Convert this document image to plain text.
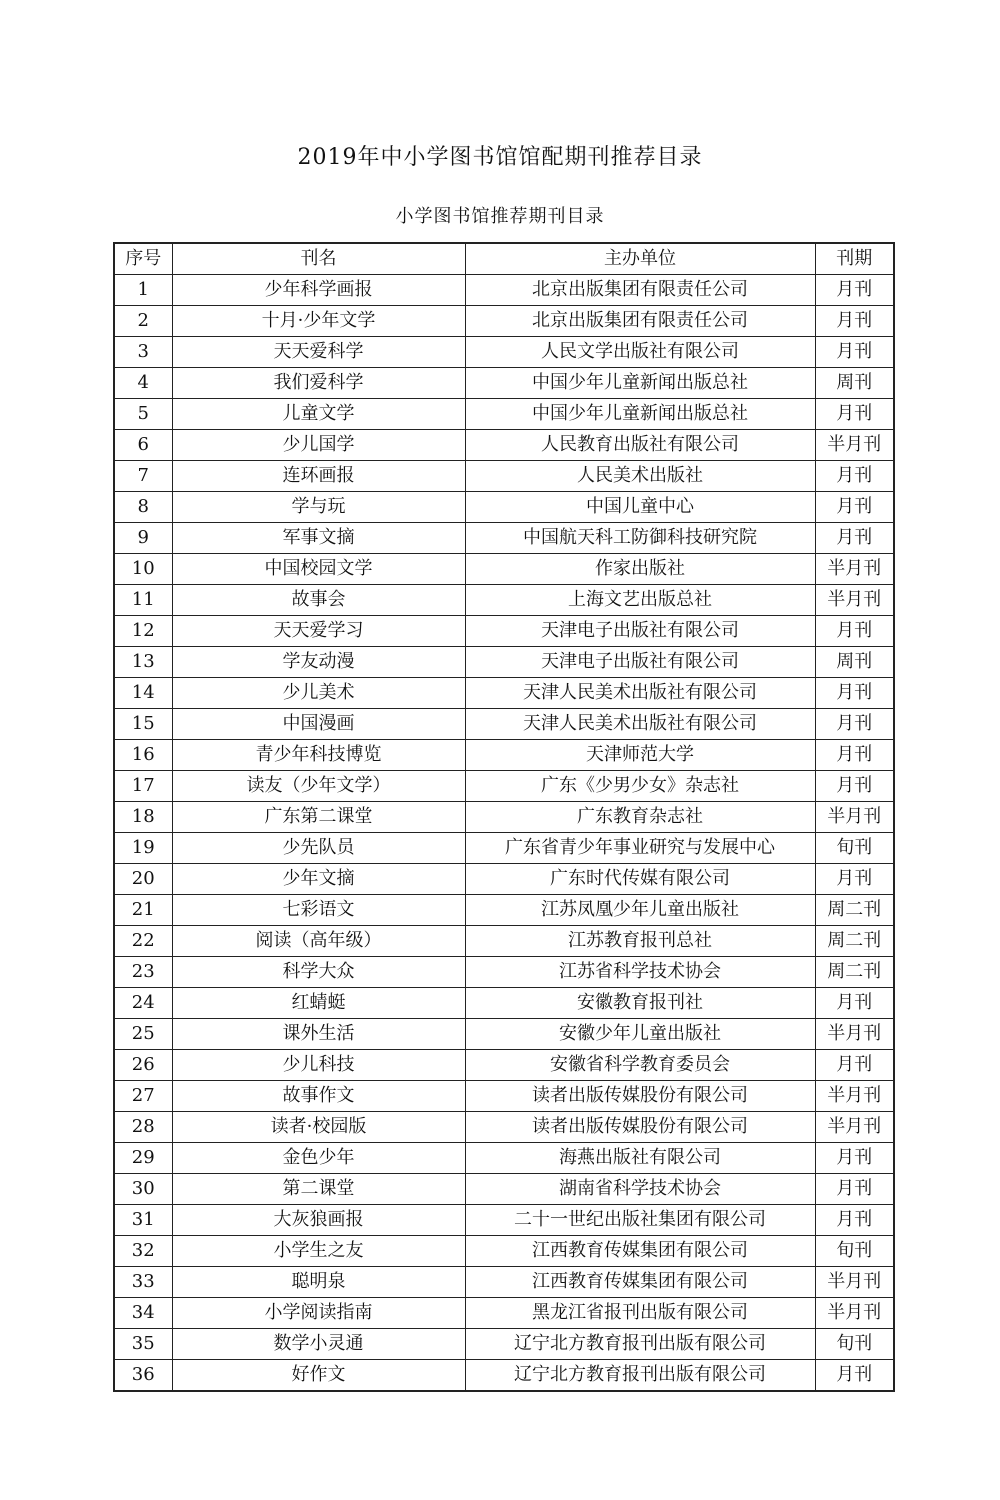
2019年中小学图书馆馆配期刊推荐目录
小学图书馆推荐期刊目录
序号	刊名	主办单位	刊期
1	少年科学画报	北京出版集团有限责任公司	月刊
2	十月·少年文学	北京出版集团有限责任公司	月刊
3	天天爱科学	人民文学出版社有限公司	月刊
4	我们爱科学	中国少年儿童新闻出版总社	周刊
5	儿童文学	中国少年儿童新闻出版总社	月刊
6	少儿国学	人民教育出版社有限公司	半月刊
7	连环画报	人民美术出版社	月刊
8	学与玩	中国儿童中心	月刊
9	军事文摘	中国航天科工防御科技研究院	月刊
10	中国校园文学	作家出版社	半月刊
11	故事会	上海文艺出版总社	半月刊
12	天天爱学习	天津电子出版社有限公司	月刊
13	学友动漫	天津电子出版社有限公司	周刊
14	少儿美术	天津人民美术出版社有限公司	月刊
15	中国漫画	天津人民美术出版社有限公司	月刊
16	青少年科技博览	天津师范大学	月刊
17	读友（少年文学）	广东《少男少女》杂志社	月刊
18	广东第二课堂	广东教育杂志社	半月刊
19	少先队员	广东省青少年事业研究与发展中心	旬刊
20	少年文摘	广东时代传媒有限公司	月刊
21	七彩语文	江苏凤凰少年儿童出版社	周二刊
22	阅读（高年级）	江苏教育报刊总社	周二刊
23	科学大众	江苏省科学技术协会	周二刊
24	红蜻蜓	安徽教育报刊社	月刊
25	课外生活	安徽少年儿童出版社	半月刊
26	少儿科技	安徽省科学教育委员会	月刊
27	故事作文	读者出版传媒股份有限公司	半月刊
28	读者·校园版	读者出版传媒股份有限公司	半月刊
29	金色少年	海燕出版社有限公司	月刊
30	第二课堂	湖南省科学技术协会	月刊
31	大灰狼画报	二十一世纪出版社集团有限公司	月刊
32	小学生之友	江西教育传媒集团有限公司	旬刊
33	聪明泉	江西教育传媒集团有限公司	半月刊
34	小学阅读指南	黑龙江省报刊出版有限公司	半月刊
35	数学小灵通	辽宁北方教育报刊出版有限公司	旬刊
36	好作文	辽宁北方教育报刊出版有限公司	月刊
